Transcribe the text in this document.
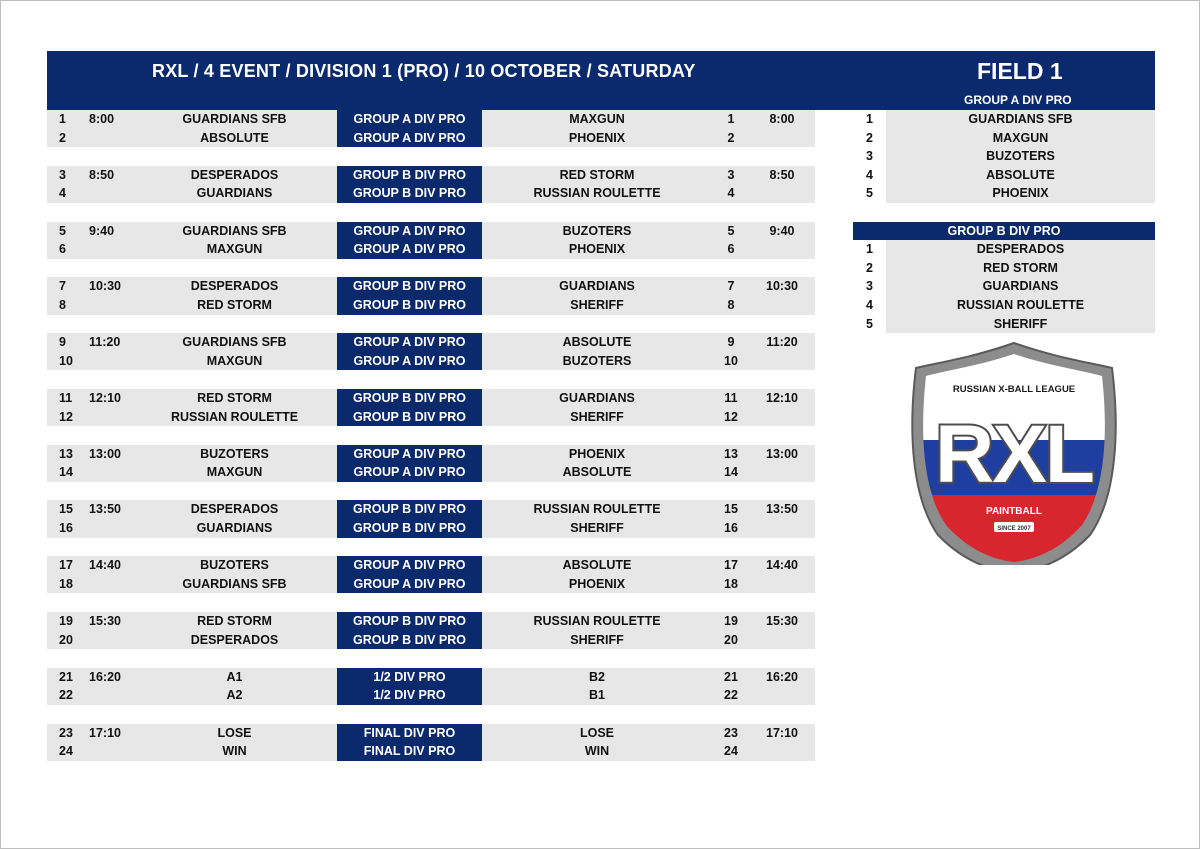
RXL / 4 EVENT / DIVISION 1 (PRO) / 10 OCTOBER / SATURDAY	FIELD 1
GROUP A DIV PRO
1 8:00	GUARDIANS SFB	GROUP A DIV PRO	MAXGUN	1	8:00
2	ABSOLUTE	GROUP A DIV PRO	PHOENIX	2
3 8:50	DESPERADOS	GROUP B DIV PRO	RED STORM	3	8:50
4	GUARDIANS	GROUP B DIV PRO	RUSSIAN ROULETTE	4
5 9:40	GUARDIANS SFB	GROUP A DIV PRO	BUZOTERS	5	9:40
6	MAXGUN	GROUP A DIV PRO	PHOENIX	6
7 10:30	DESPERADOS	GROUP B DIV PRO	GUARDIANS	7	10:30
8	RED STORM	GROUP B DIV PRO	SHERIFF	8
9 11:20	GUARDIANS SFB	GROUP A DIV PRO	ABSOLUTE	9	11:20
10	MAXGUN	GROUP A DIV PRO	BUZOTERS	10
11 12:10	RED STORM	GROUP B DIV PRO	GUARDIANS	11	12:10
12	RUSSIAN ROULETTE	GROUP B DIV PRO	SHERIFF	12
13 13:00	BUZOTERS	GROUP A DIV PRO	PHOENIX	13	13:00
14	MAXGUN	GROUP A DIV PRO	ABSOLUTE	14
15 13:50	DESPERADOS	GROUP B DIV PRO	RUSSIAN ROULETTE	15	13:50
16	GUARDIANS	GROUP B DIV PRO	SHERIFF	16
17 14:40	BUZOTERS	GROUP A DIV PRO	ABSOLUTE	17	14:40
18	GUARDIANS SFB	GROUP A DIV PRO	PHOENIX	18
19 15:30	RED STORM	GROUP B DIV PRO	RUSSIAN ROULETTE	19	15:30
20	DESPERADOS	GROUP B DIV PRO	SHERIFF	20
21 16:20	A1	1/2 DIV PRO	B2	21	16:20
22	A2	1/2 DIV PRO	B1	22
23 17:10	LOSE	FINAL DIV PRO	LOSE	23	17:10
24	WIN	FINAL DIV PRO	WIN	24
1	GUARDIANS SFB
2	MAXGUN
3	BUZOTERS
4	ABSOLUTE
5	PHOENIX
GROUP B DIV PRO
1	DESPERADOS
2	RED STORM
3	GUARDIANS
4	RUSSIAN ROULETTE
5	SHERIFF
RUSSIAN X-BALL LEAGUE
RXL
PAINTBALL
SINCE 2007
